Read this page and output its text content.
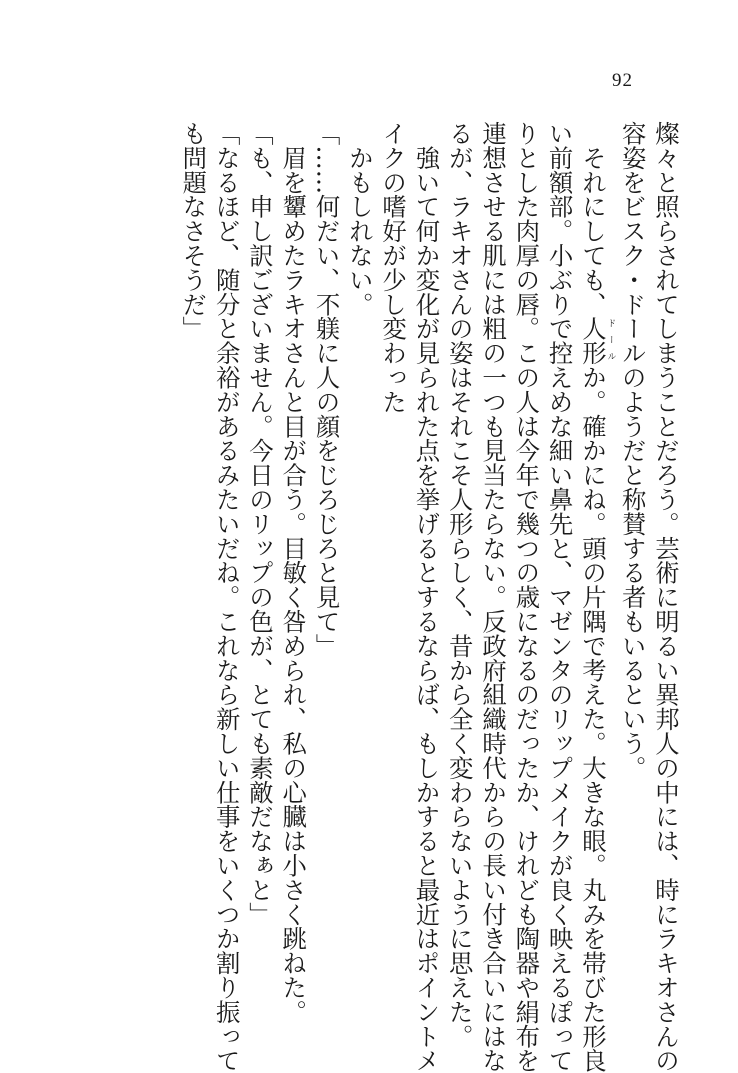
92

燦々と照らされてしまうことだろう。芸術に明るい異邦人の中には、時にラキオさんの

容姿をビスク・ドールのようだと称賛する者もいるという。

　それにしても、人形ドールか。確かにね。頭の片隅で考えた。大きな眼。丸みを帯びた形良

い前額部。小ぶりで控えめな細い鼻先と、マゼンタのリップメイクが良く映えるぽって

りとした肉厚の唇。この人は今年で幾つの歳になるのだったか、けれども陶器や絹布を

連想させる肌には粗の一つも見当たらない。反政府組織時代からの長い付き合いにはな

るが、ラキオさんの姿はそれこそ人形らしく、昔から全く変わらないように思えた。

　強いて何か変化が見られた点を挙げるとするならば、もしかすると最近はポイントメ

イクの嗜好が少し変わった

　かもしれない。

「……何だい、不躾に人の顔をじろじろと見て」

　眉を顰めたラキオさんと目が合う。目敏く咎められ、私の心臓は小さく跳ねた。

「も、申し訳ございません。今日のリップの色が、とても素敵だなぁと」

「なるほど、随分と余裕があるみたいだね。これなら新しい仕事をいくつか割り振って

も問題なさそうだ」
